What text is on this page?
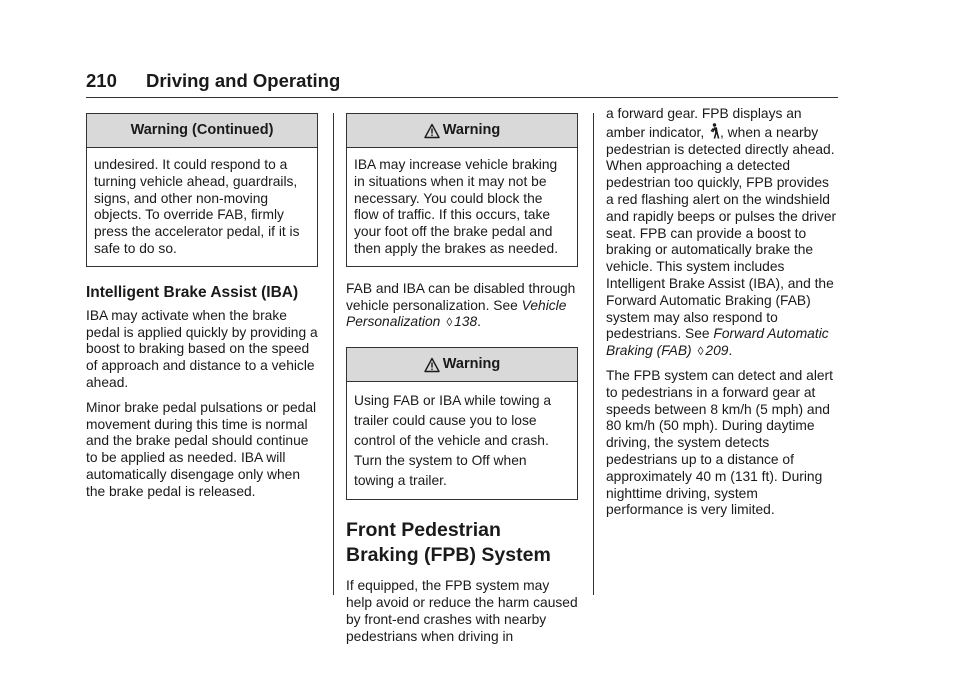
210	Driving and Operating
Warning (Continued)
undesired. It could respond to a turning vehicle ahead, guardrails, signs, and other non-moving objects. To override FAB, firmly press the accelerator pedal, if it is safe to do so.
Intelligent Brake Assist (IBA)

IBA may activate when the brake pedal is applied quickly by providing a boost to braking based on the speed of approach and distance to a vehicle ahead.

Minor brake pedal pulsations or pedal movement during this time is normal and the brake pedal should continue to be applied as needed. IBA will automatically disengage only when the brake pedal is released.

Warning
IBA may increase vehicle braking in situations when it may not be necessary. You could block the flow of traffic. If this occurs, take your foot off the brake pedal and then apply the brakes as needed.

FAB and IBA can be disabled through vehicle personalization. See Vehicle Personalization ◊ 138.

Warning
Using FAB or IBA while towing a trailer could cause you to lose control of the vehicle and crash. Turn the system to Off when towing a trailer.
Front Pedestrian Braking (FPB) System

If equipped, the FPB system may help avoid or reduce the harm caused by front-end crashes with nearby pedestrians when driving in

a forward gear. FPB displays an amber indicator, , when a nearby pedestrian is detected directly ahead. When approaching a detected pedestrian too quickly, FPB provides a red flashing alert on the windshield and rapidly beeps or pulses the driver seat. FPB can provide a boost to braking or automatically brake the vehicle. This system includes Intelligent Brake Assist (IBA), and the Forward Automatic Braking (FAB) system may also respond to pedestrians. See Forward Automatic Braking (FAB) ◊ 209.

The FPB system can detect and alert to pedestrians in a forward gear at speeds between 8 km/h (5 mph) and 80 km/h (50 mph). During daytime driving, the system detects pedestrians up to a distance of approximately 40 m (131 ft). During nighttime driving, system performance is very limited.
